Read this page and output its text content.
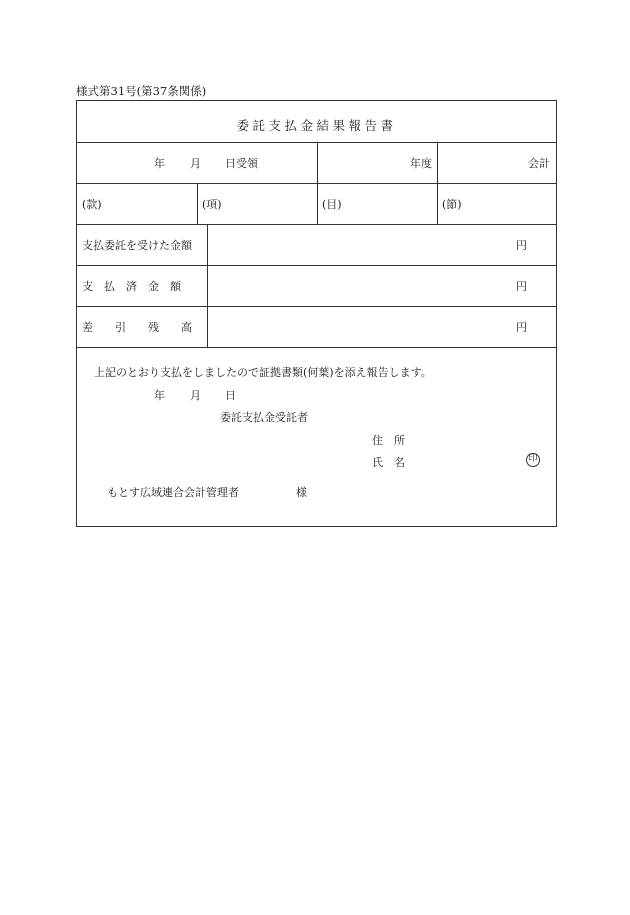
様式第31号(第37条関係)
委託支払金結果報告書
年 月 日受領	年度	会計
(款)	(項)	(目)	(節)
支払委託を受けた金額	円
支　払　済　金　額	円
差　　引　　残　　高	円
上記のとおり支払をしましたので証拠書類(何葉)を添え報告します。
年 月 日
委託支払金受託者
住　所
氏　名	印
もとす広域連合会計管理者	様
